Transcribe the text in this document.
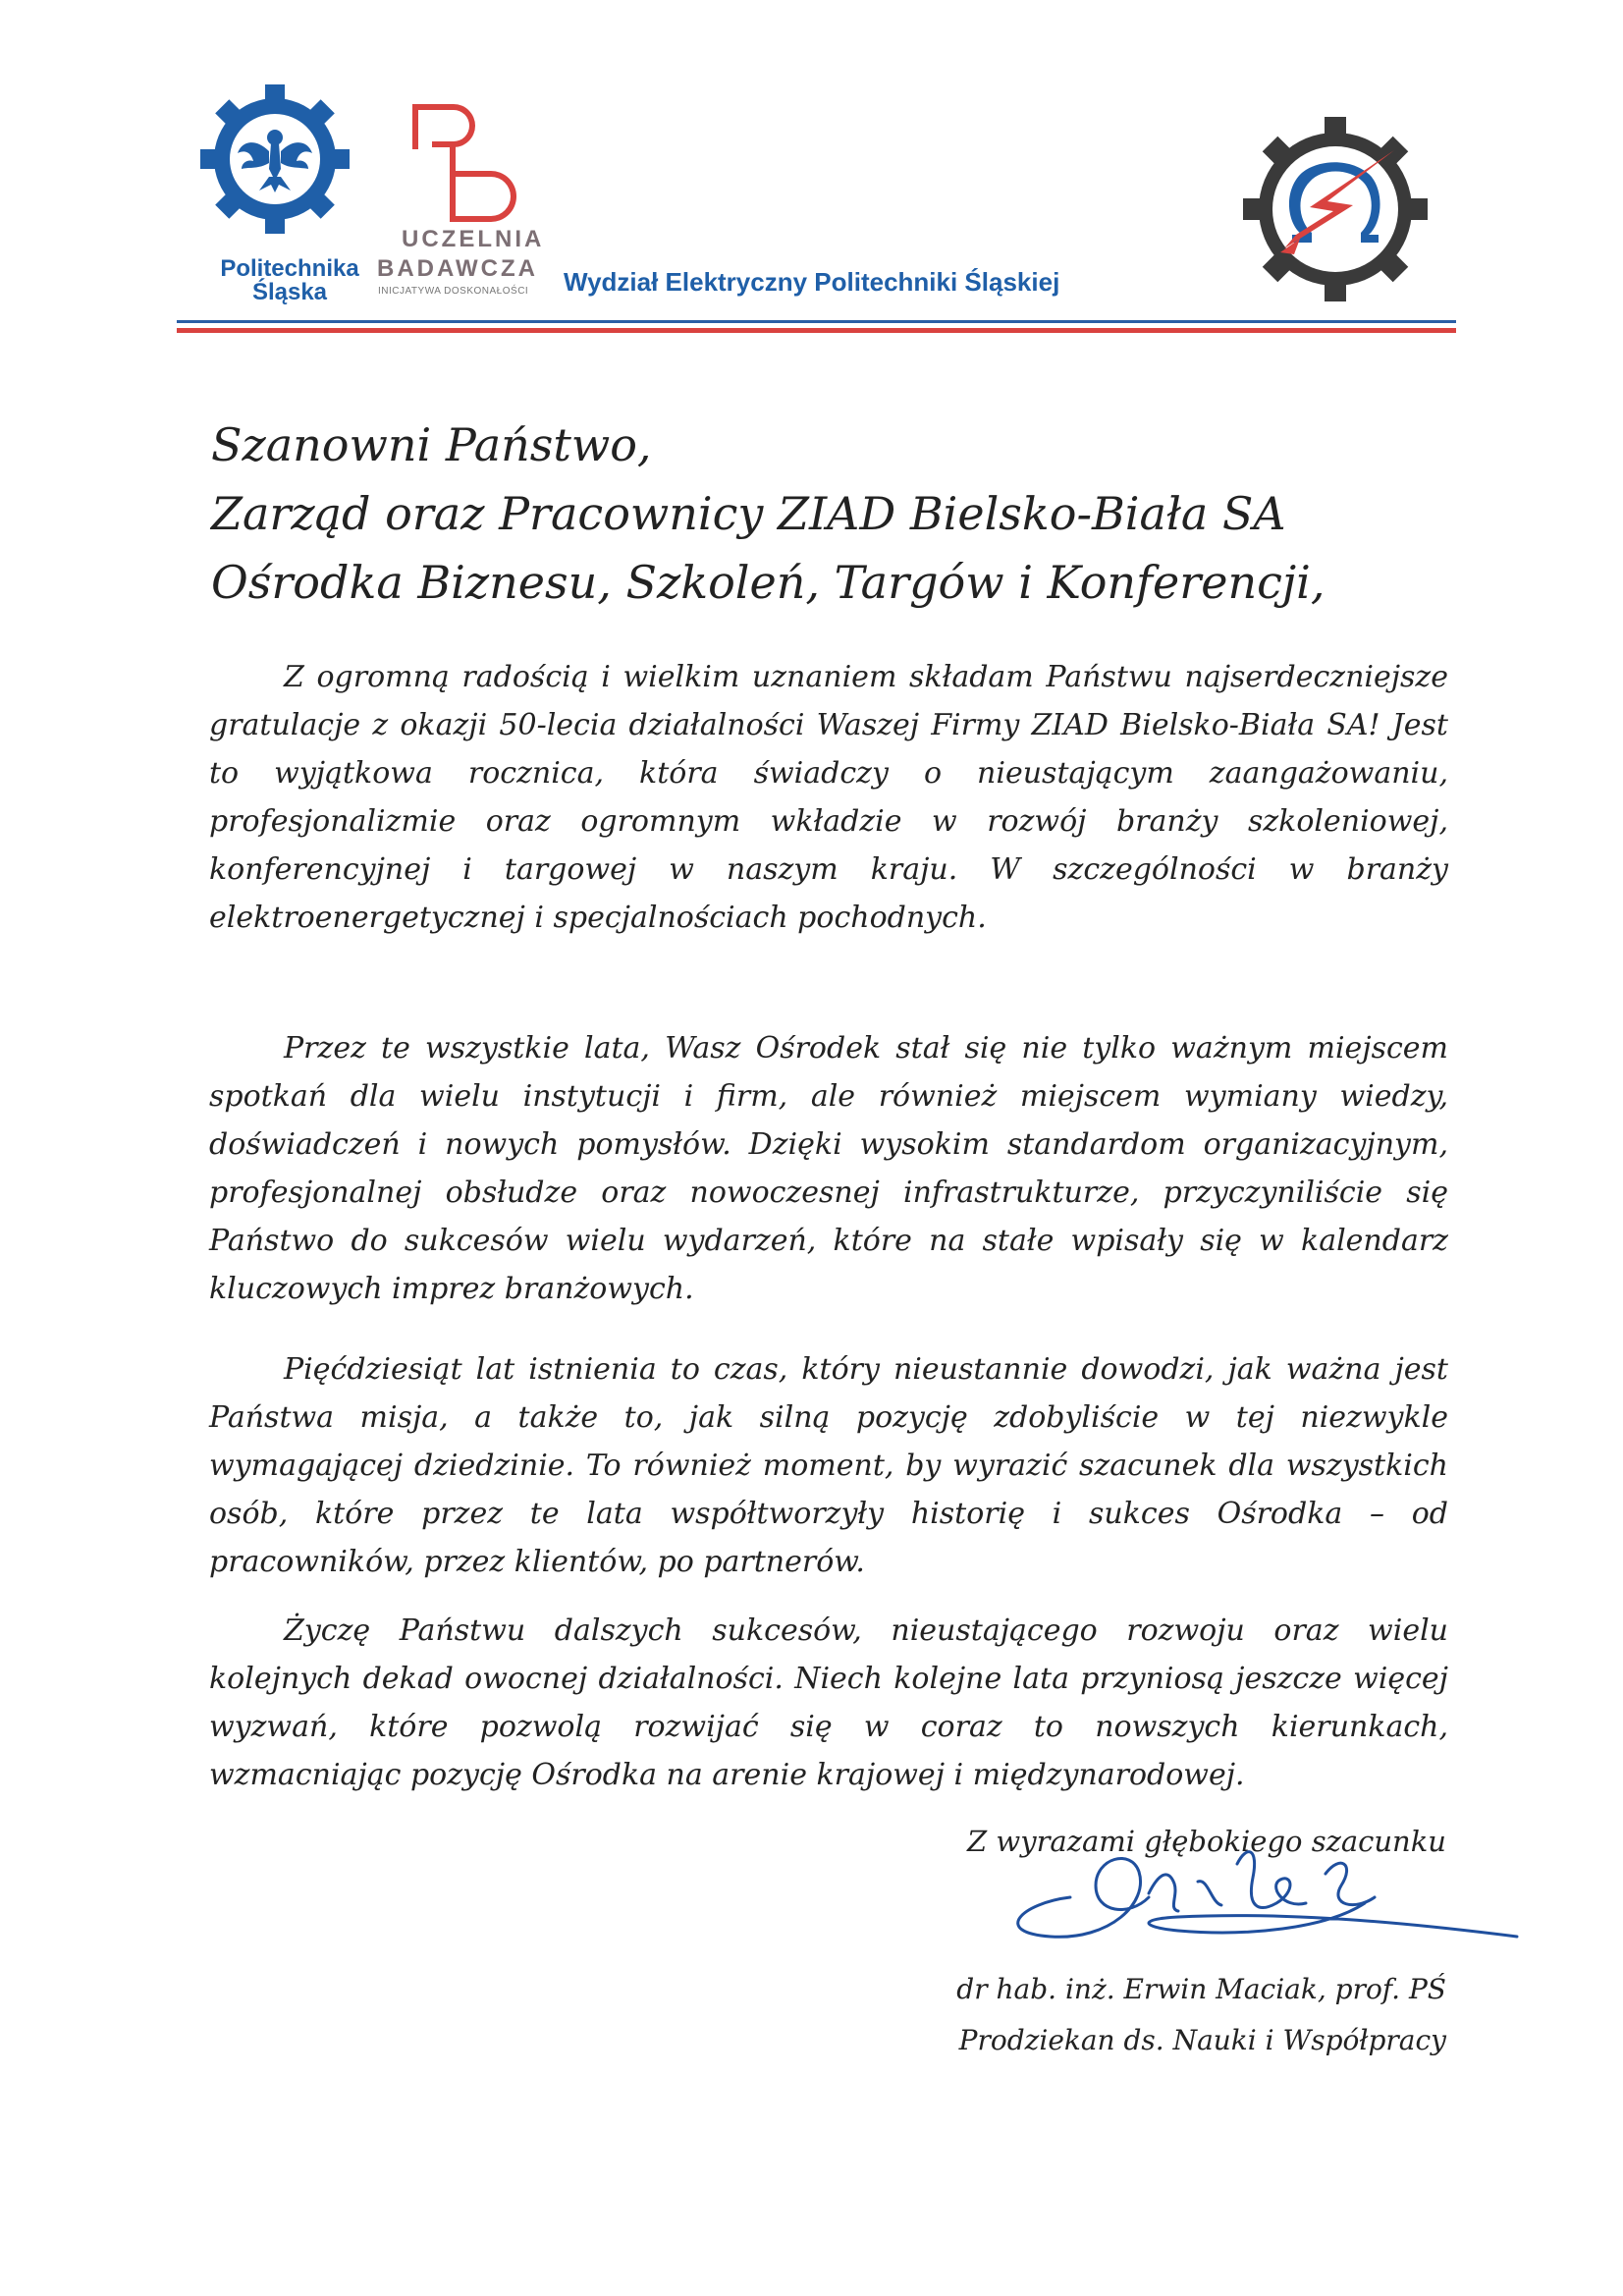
Politechnika
Śląska
UCZELNIA
BADAWCZA
INICJATYWA DOSKONAŁOŚCI Wydział Elektryczny Politechniki Śląskiej
Szanowni Państwo,
Zarząd oraz Pracownicy ZIAD Bielsko-Biała SA
Ośrodka Biznesu, Szkoleń, Targów i Konferencji,

Z ogromną radością i wielkim uznaniem składam Państwu najserdeczniejsze gratulacje z okazji 50-lecia działalności Waszej Firmy ZIAD Bielsko-Biała SA! Jest to wyjątkowa rocznica, która świadczy o nieustającym zaangażowaniu, profesjonalizmie oraz ogromnym wkładzie w rozwój branży szkoleniowej, konferencyjnej i targowej w naszym kraju. W szczególności w branży elektroenergetycznej i specjalnościach pochodnych.

Przez te wszystkie lata, Wasz Ośrodek stał się nie tylko ważnym miejscem spotkań dla wielu instytucji i firm, ale również miejscem wymiany wiedzy, doświadczeń i nowych pomysłów. Dzięki wysokim standardom organizacyjnym, profesjonalnej obsłudze oraz nowoczesnej infrastrukturze, przyczyniliście się Państwo do sukcesów wielu wydarzeń, które na stałe wpisały się w kalendarz kluczowych imprez branżowych.

Pięćdziesiąt lat istnienia to czas, który nieustannie dowodzi, jak ważna jest Państwa misja, a także to, jak silną pozycję zdobyliście w tej niezwykle wymagającej dziedzinie. To również moment, by wyrazić szacunek dla wszystkich osób, które przez te lata współtworzyły historię i sukces Ośrodka – od pracowników, przez klientów, po partnerów.

Życzę Państwu dalszych sukcesów, nieustającego rozwoju oraz wielu kolejnych dekad owocnej działalności. Niech kolejne lata przyniosą jeszcze więcej wyzwań, które pozwolą rozwijać się w coraz to nowszych kierunkach, wzmacniając pozycję Ośrodka na arenie krajowej i międzynarodowej.

Z wyrazami głębokiego szacunku
dr hab. inż. Erwin Maciak, prof. PŚ
Prodziekan ds. Nauki i Współpracy
